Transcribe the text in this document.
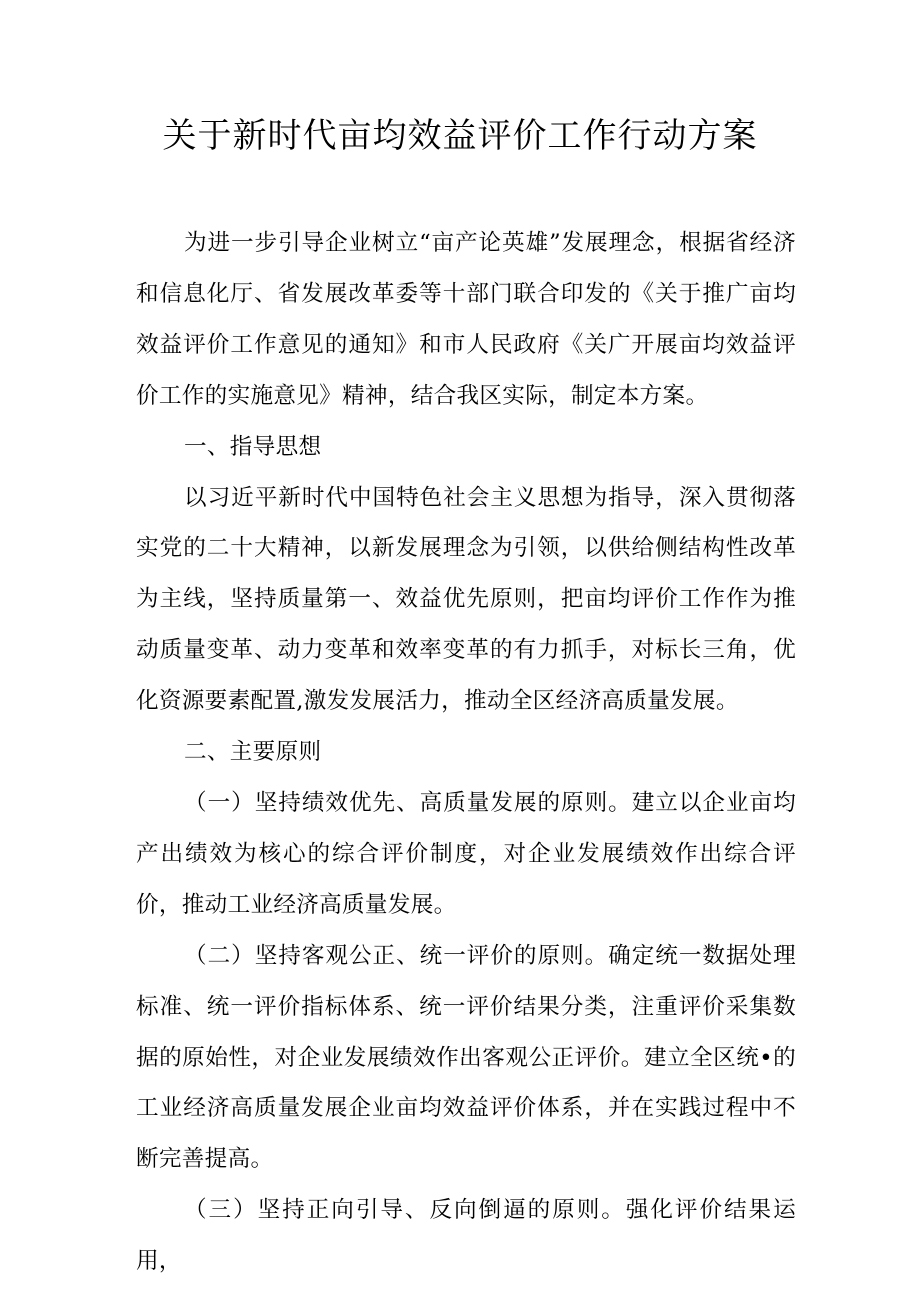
关于新时代亩均效益评价工作行动方案

为进一步引导企业树立“亩产论英雄”发展理念，根据省经济和信息化厅、省发展改革委等十部门联合印发的《关于推广亩均效益评价工作意见的通知》和市人民政府《关广开展亩均效益评价工作的实施意见》精神，结合我区实际，制定本方案。

一、指导思想

以习近平新时代中国特色社会主义思想为指导，深入贯彻落实党的二十大精神，以新发展理念为引领，以供给侧结构性改革为主线，坚持质量第一、效益优先原则，把亩均评价工作作为推动质量变革、动力变革和效率变革的有力抓手，对标长三角，优化资源要素配置,激发发展活力，推动全区经济高质量发展。

二、主要原则

（一）坚持绩效优先、高质量发展的原则。建立以企业亩均产出绩效为核心的综合评价制度，对企业发展绩效作出综合评价，推动工业经济高质量发展。

（二）坚持客观公正、统一评价的原则。确定统一数据处理标准、统一评价指标体系、统一评价结果分类，注重评价采集数据的原始性，对企业发展绩效作出客观公正评价。建立全区统•的工业经济高质量发展企业亩均效益评价体系，并在实践过程中不断完善提高。

（三）坚持正向引导、反向倒逼的原则。强化评价结果运用，
